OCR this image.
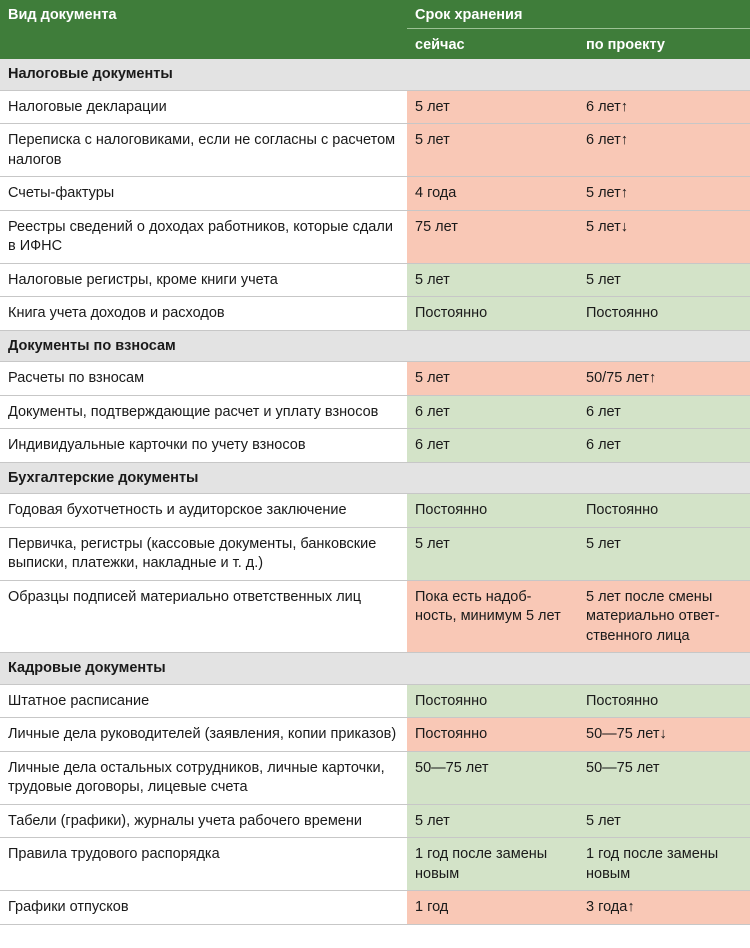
Вид документа	Срок хранения	
	сейчас	по проекту
Налоговые документы		
Налоговые декларации	5 лет	6 лет↑
Переписка с налоговиками, если не согласны с расчетом налогов	5 лет	6 лет↑
Счеты-фактуры	4 года	5 лет↑
Реестры сведений о доходах работников, которые сдали в ИФНС	75 лет	5 лет↓
Налоговые регистры, кроме книги учета	5 лет	5 лет
Книга учета доходов и расходов	Постоянно	Постоянно
Документы по взносам		
Расчеты по взносам	5 лет	50/75 лет↑
Документы, подтверждающие расчет и уплату взносов	6 лет	6 лет
Индивидуальные карточки по учету взносов	6 лет	6 лет
Бухгалтерские документы		
Годовая бухотчетность и аудиторское заключение	Постоянно	Постоянно
Первичка, регистры (кассовые документы, банковские выписки, платежки, накладные и т. д.)	5 лет	5 лет
Образцы подписей материально ответственных лиц	Пока есть надоб-ность, минимум 5 лет	5 лет после смены материально ответ-ственного лица
Кадровые документы		
Штатное расписание	Постоянно	Постоянно
Личные дела руководителей (заявления, копии приказов)	Постоянно	50—75 лет↓
Личные дела остальных сотрудников, личные карточки, трудовые договоры, лицевые счета	50—75 лет	50—75 лет
Табели (графики), журналы учета рабочего времени	5 лет	5 лет
Правила трудового распорядка	1 год после замены новым	1 год после замены новым
Графики отпусков	1 год	3 года↑
